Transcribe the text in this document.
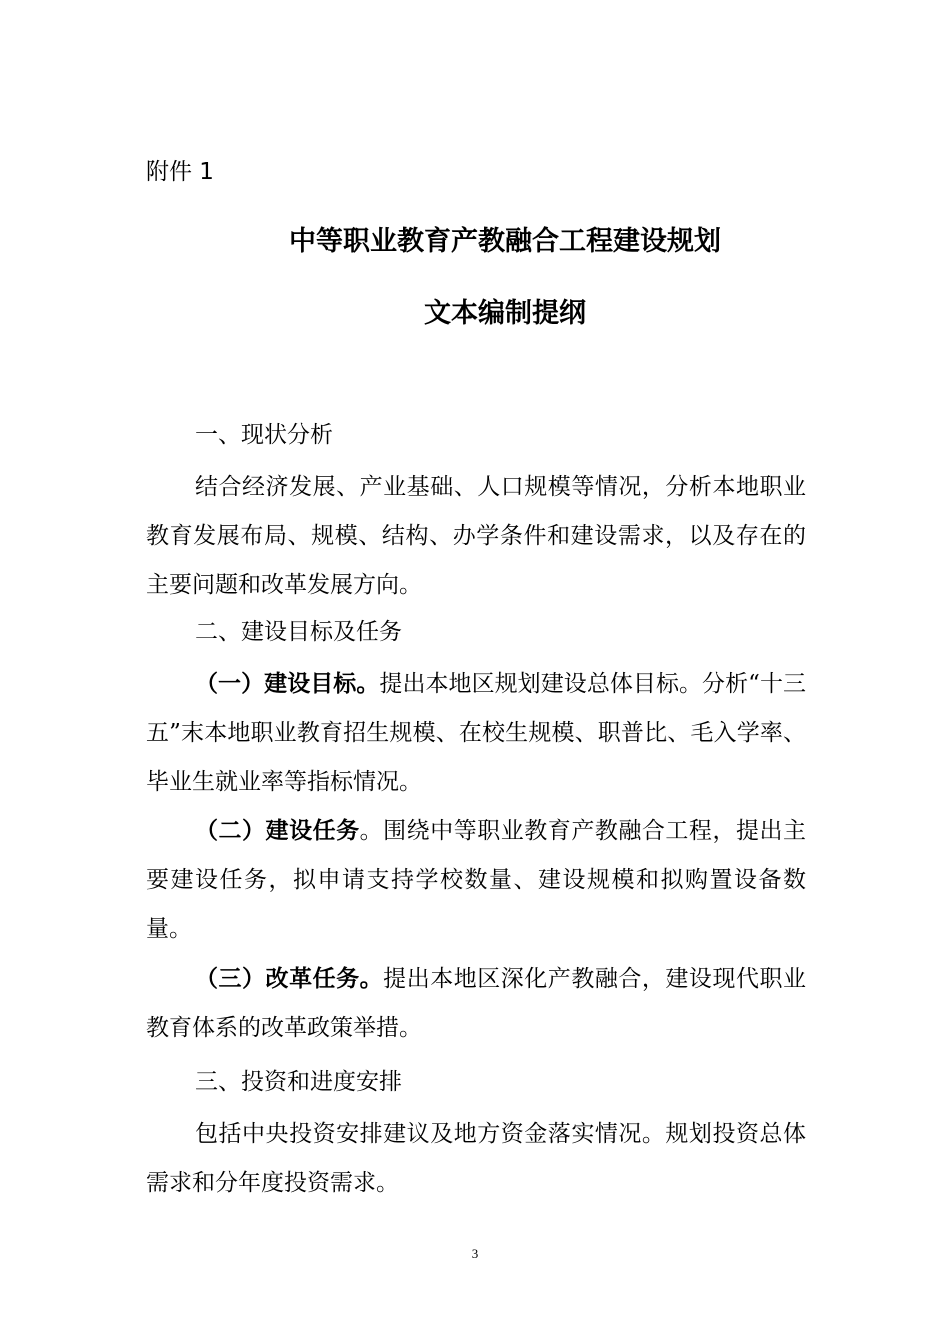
附件 1
中等职业教育产教融合工程建设规划
文本编制提纲
一、现状分析
结合经济发展、产业基础、人口规模等情况，分析本地职业教育发展布局、规模、结构、办学条件和建设需求，以及存在的主要问题和改革发展方向。
二、建设目标及任务
（一）建设目标。提出本地区规划建设总体目标。分析“十三五”末本地职业教育招生规模、在校生规模、职普比、毛入学率、毕业生就业率等指标情况。
（二）建设任务。围绕中等职业教育产教融合工程，提出主要建设任务，拟申请支持学校数量、建设规模和拟购置设备数量。
（三）改革任务。提出本地区深化产教融合，建设现代职业教育体系的改革政策举措。
三、投资和进度安排
包括中央投资安排建议及地方资金落实情况。规划投资总体需求和分年度投资需求。
3
